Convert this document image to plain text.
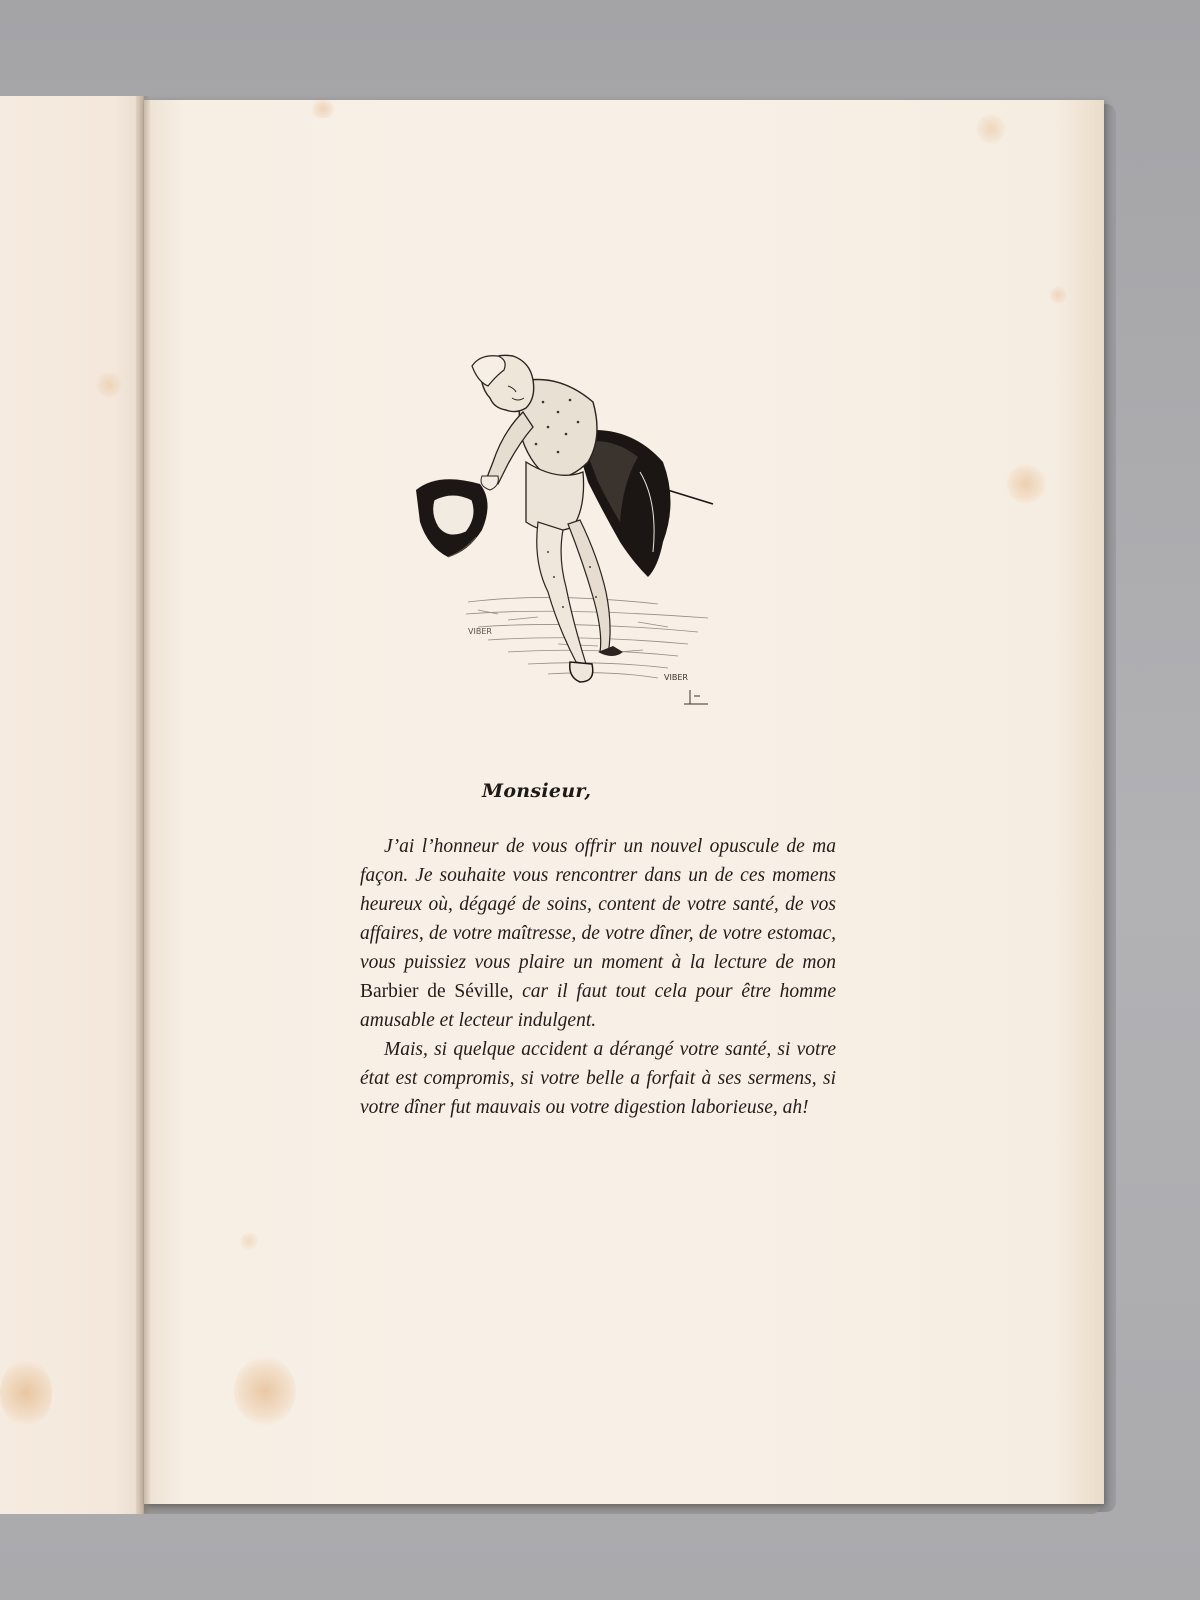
VIBER
VIBER
Monsieur,

J’ai l’honneur de vous offrir un nouvel opuscule de ma façon. Je souhaite vous rencontrer dans un de ces momens heureux où, dégagé de soins, content de votre santé, de vos affaires, de votre maîtresse, de votre dîner, de votre estomac, vous puissiez vous plaire un moment à la lecture de mon Barbier de Séville, car il faut tout cela pour être homme amusable et lecteur indulgent.

Mais, si quelque accident a dérangé votre santé, si votre état est compromis, si votre belle a forfait à ses sermens, si votre dîner fut mauvais ou votre digestion laborieuse, ah!
